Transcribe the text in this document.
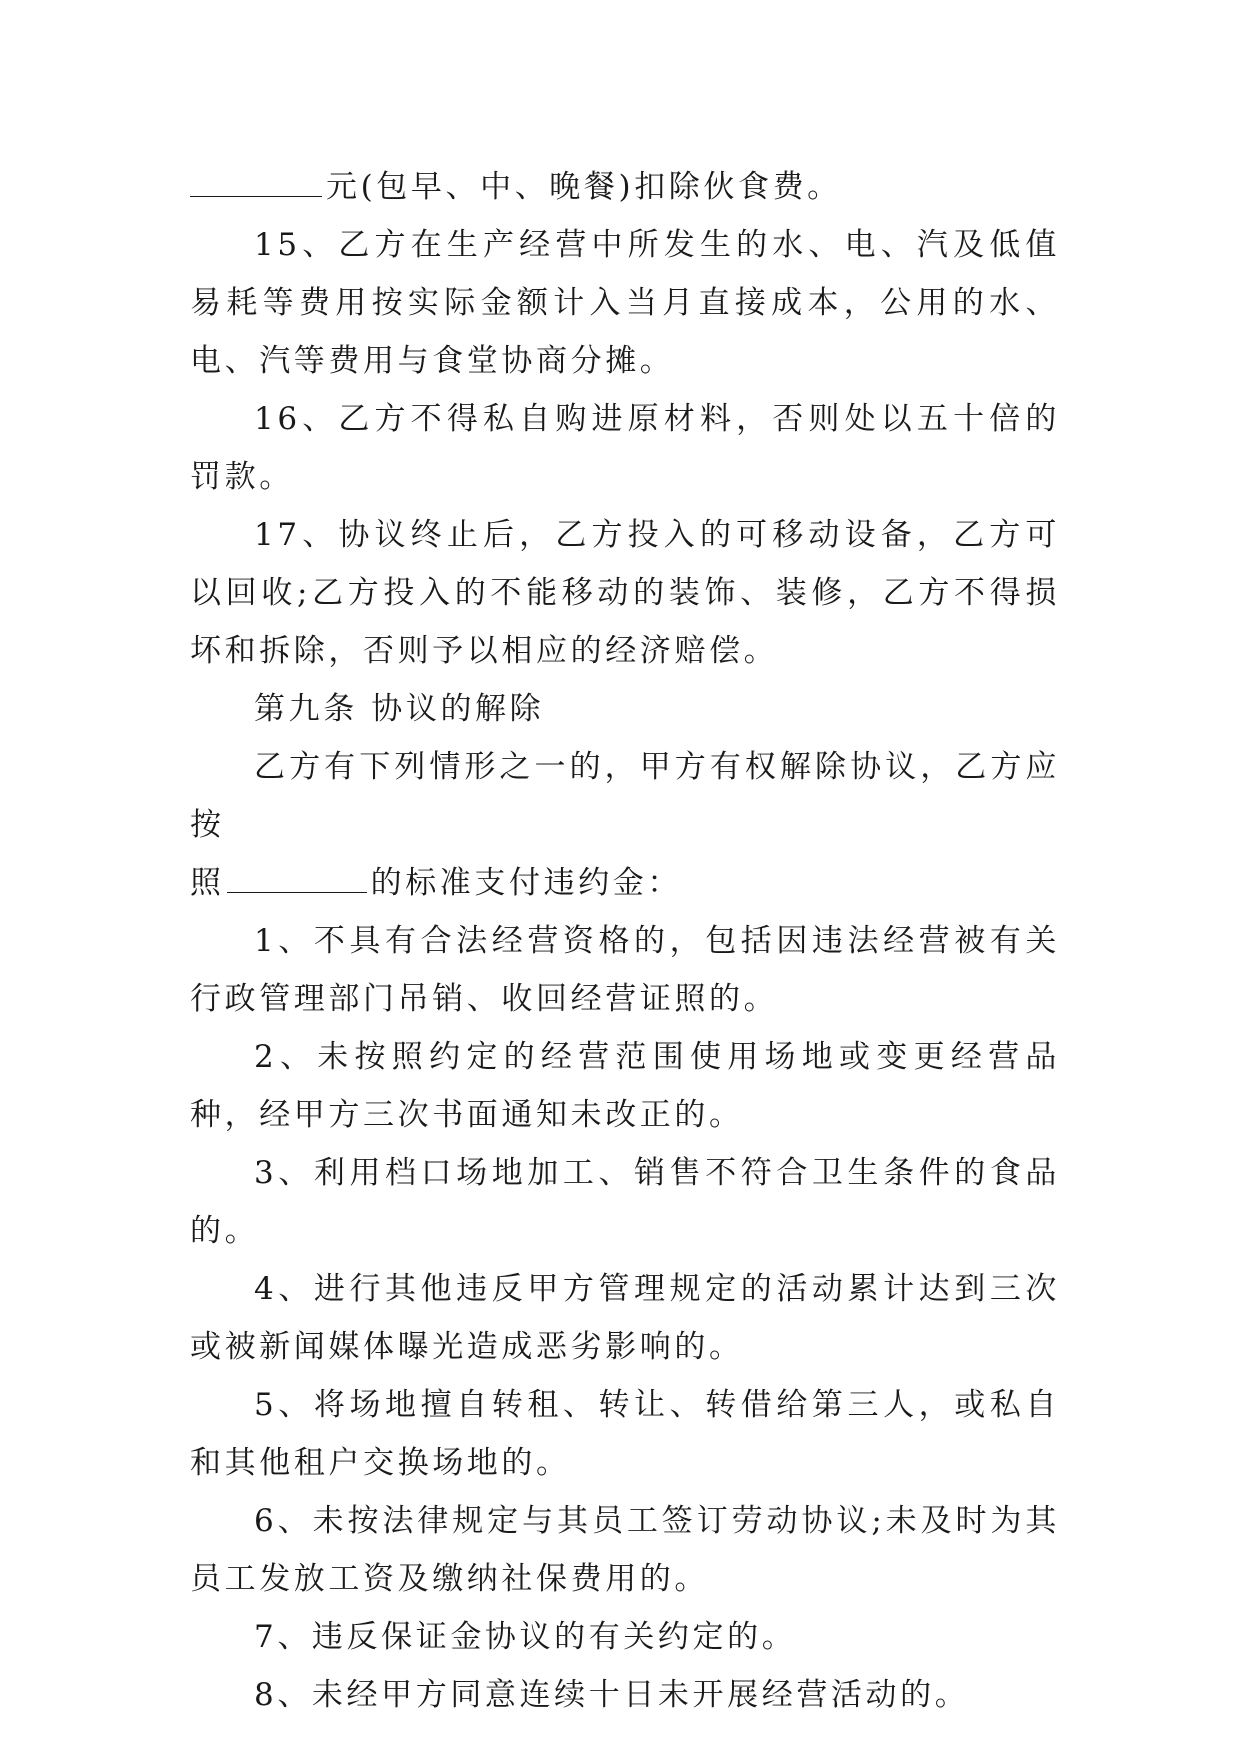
元(包早、中、晚餐)扣除伙食费。

15、乙方在生产经营中所发生的水、电、汽及低值易耗等费用按实际金额计入当月直接成本，公用的水、电、汽等费用与食堂协商分摊。

16、乙方不得私自购进原材料，否则处以五十倍的罚款。

17、协议终止后，乙方投入的可移动设备，乙方可以回收;乙方投入的不能移动的装饰、装修，乙方不得损坏和拆除，否则予以相应的经济赔偿。

第九条 协议的解除

乙方有下列情形之一的，甲方有权解除协议，乙方应按

照	的标准支付违约金：

1、不具有合法经营资格的，包括因违法经营被有关行政管理部门吊销、收回经营证照的。

2、未按照约定的经营范围使用场地或变更经营品种，经甲方三次书面通知未改正的。

3、利用档口场地加工、销售不符合卫生条件的食品的。

4、进行其他违反甲方管理规定的活动累计达到三次或被新闻媒体曝光造成恶劣影响的。

5、将场地擅自转租、转让、转借给第三人，或私自和其他租户交换场地的。

6、未按法律规定与其员工签订劳动协议;未及时为其员工发放工资及缴纳社保费用的。

7、违反保证金协议的有关约定的。

8、未经甲方同意连续十日未开展经营活动的。
